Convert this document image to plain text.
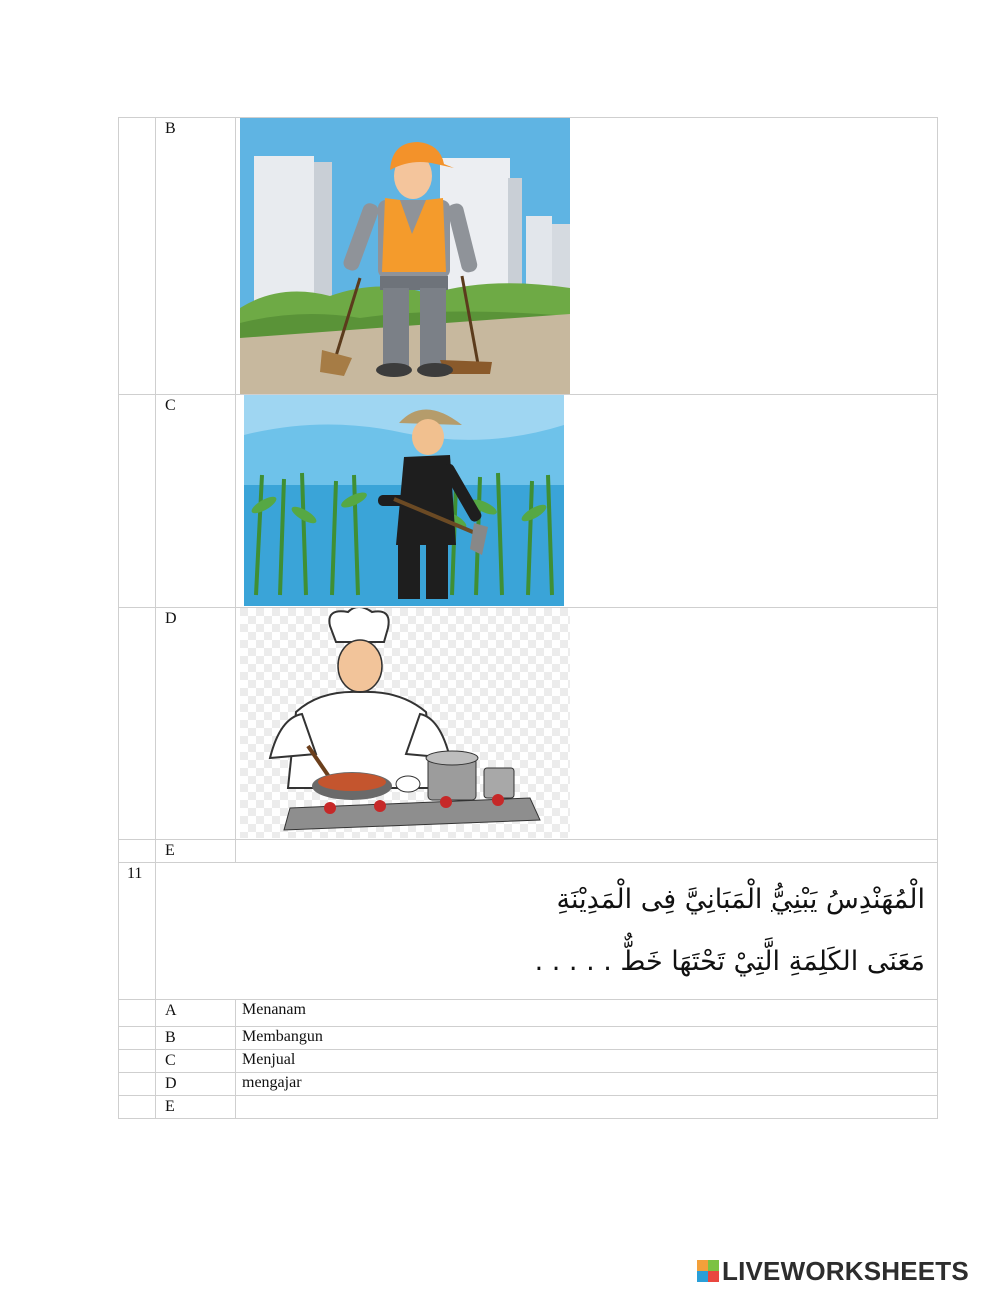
	B	

	C	

	D	

	E	
11	الْمُهَنْدِسُ يَبْنِيُّ الْمَبَانِيَّ فِى الْمَدِيْنَةِ
مَعَنَى الكَلِمَةِ الَّتِيْ تَحْتَهَا خَطٌّ . . . . .	

	A	Menanam
	B	Membangun
	C	Menjual
	D	mengajar
	E	
LIVEWORKSHEETS
